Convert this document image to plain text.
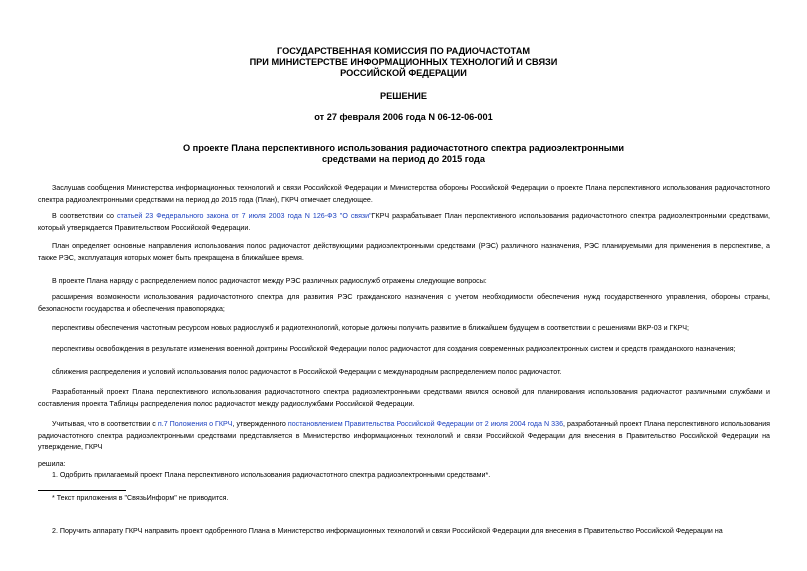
ГОСУДАРСТВЕННАЯ КОМИССИЯ ПО РАДИОЧАСТОТАМ
ПРИ МИНИСТЕРСТВЕ ИНФОРМАЦИОННЫХ ТЕХНОЛОГИЙ И СВЯЗИ
РОССИЙСКОЙ ФЕДЕРАЦИИ
РЕШЕНИЕ
от 27 февраля 2006 года N 06-12-06-001
О проекте Плана перспективного использования радиочастотного спектра радиоэлектронными
средствами на период до 2015 года
Заслушав сообщения Министерства информационных технологий и связи Российской Федерации и Министерства обороны Российской Федерации о проекте Плана перспективного использования радиочастотного спектра радиоэлектронными средствами на период до 2015 года (План), ГКРЧ отмечает следующее.
В соответствии со статьей 23 Федерального закона от 7 июля 2003 года N 126-ФЗ "О связи"ГКРЧ разрабатывает План перспективного использования радиочастотного спектра радиоэлектронными средствами, который утверждается Правительством Российской Федерации.
План определяет основные направления использования полос радиочастот действующими радиоэлектронными средствами (РЭС) различного назначения, РЭС планируемыми для применения в перспективе, а также РЭС, эксплуатация которых может быть прекращена в ближайшее время.
В проекте Плана наряду с распределением полос радиочастот между РЭС различных радиослужб отражены следующие вопросы:
расширения возможности использования радиочастотного спектра для развития РЭС гражданского назначения с учетом необходимости обеспечения нужд государственного управления, обороны страны, безопасности государства и обеспечения правопорядка;
перспективы обеспечения частотным ресурсом новых радиослужб и радиотехнологий, которые должны получить развитие в ближайшем будущем в соответствии с решениями ВКР-03 и ГКРЧ;
перспективы освобождения в результате изменения военной доктрины Российской Федерации полос радиочастот для создания современных радиоэлектронных систем и средств гражданского назначения;
сближения распределения и условий использования полос радиочастот в Российской Федерации с международным распределением полос радиочастот.
Разработанный проект Плана перспективного использования радиочастотного спектра радиоэлектронными средствами явился основой для планирования использования радиочастот различными службами и составления проекта Таблицы распределения полос радиочастот между радиослужбами Российской Федерации.
Учитывая, что в соответствии с п.7 Положения о ГКРЧ, утвержденного постановлением Правительства Российской Федерации от 2 июля 2004 года N 336, разработанный проект Плана перспективного использования радиочастотного спектра радиоэлектронными средствами представляется в Министерство информационных технологий и связи Российской Федерации для внесения в Правительство Российской Федерации на утверждение, ГКРЧ
решила:
1. Одобрить прилагаемый проект Плана перспективного использования радиочастотного спектра радиоэлектронными средствами*.
* Текст приложения в "СвязьИнформ" не приводится.
2. Поручить аппарату ГКРЧ направить проект одобренного Плана в Министерство информационных технологий и связи Российской Федерации для внесения в Правительство Российской Федерации на
